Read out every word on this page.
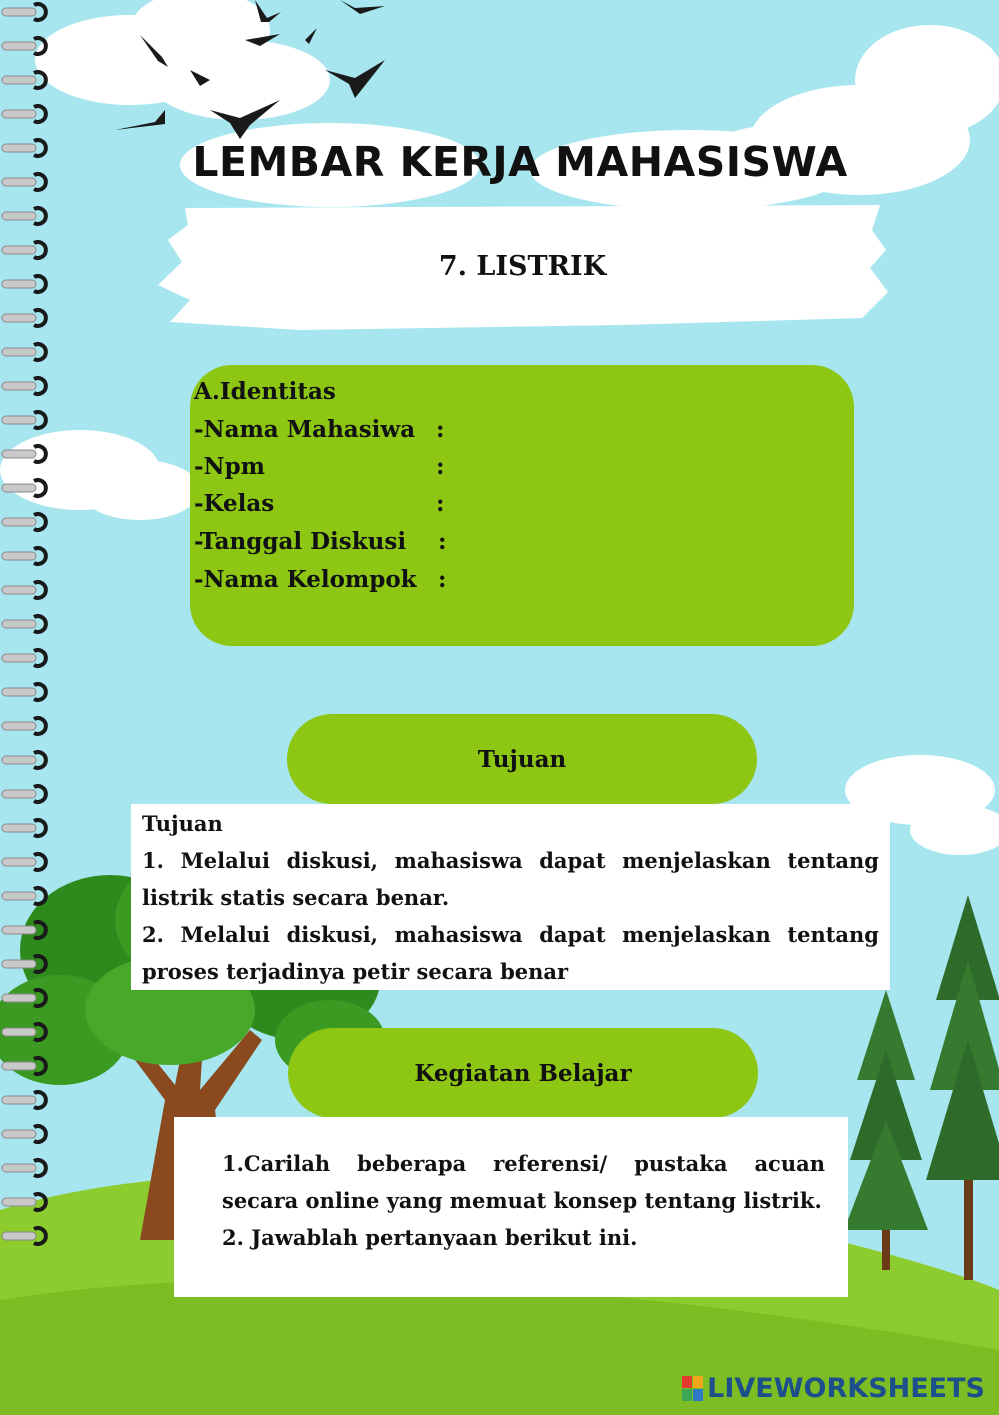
LEMBAR KERJA MAHASISWA
7. LISTRIK
A.Identitas
-Nama Mahasiwa :
-Npm	:
-Kelas	:
-Tanggal Diskusi :
-Nama Kelompok :
Tujuan

Tujuan

1. Melalui diskusi, mahasiswa dapat menjelaskan tentang listrik statis secara benar.

2. Melalui diskusi, mahasiswa dapat menjelaskan tentang proses terjadinya petir secara benar

Kegiatan Belajar

1.Carilah beberapa referensi/ pustaka acuan secara online yang memuat konsep tentang listrik.

2. Jawablah pertanyaan berikut ini.

LIVEWORKSHEETS
